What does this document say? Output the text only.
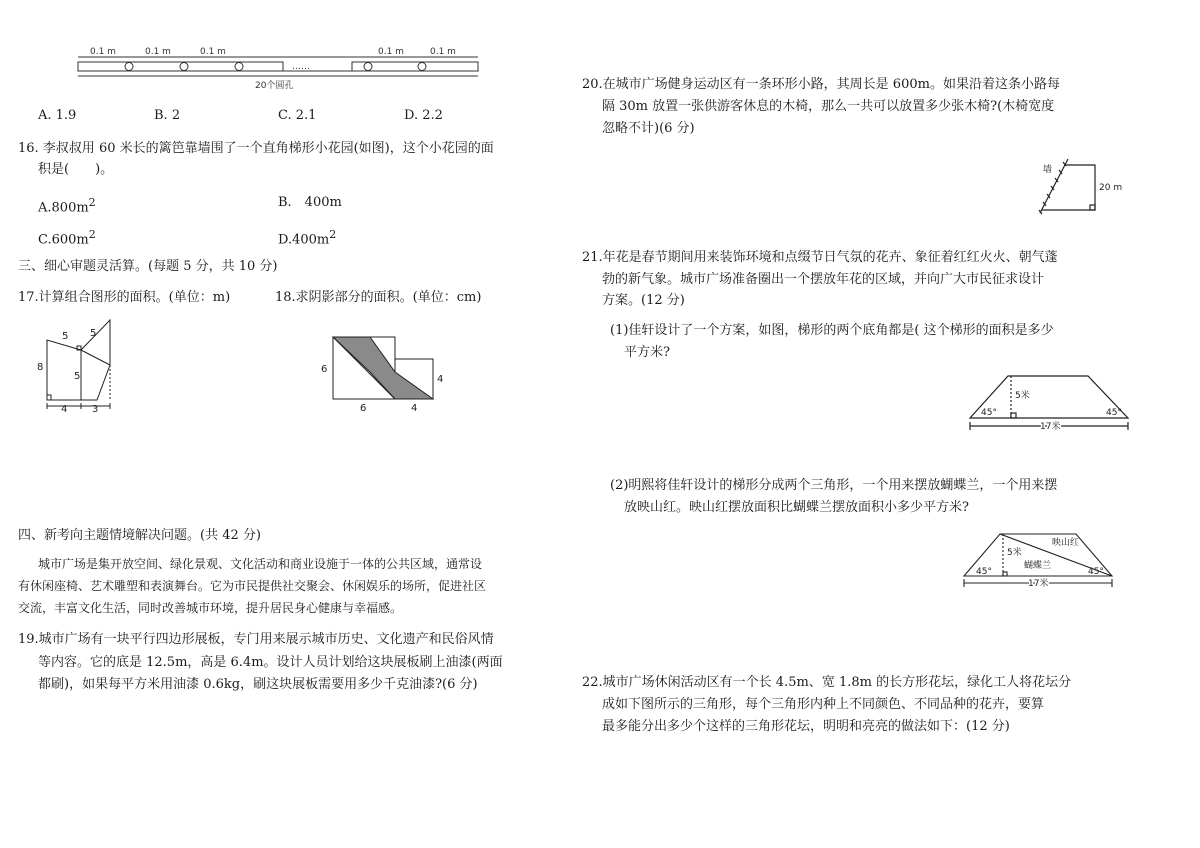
0.1 m	0.1 m	0.1 m	0.1 m	0.1 m
……
20个圆孔
A. 1.9	B. 2	C. 2.1	D. 2.2
16. 李叔叔用 60 米长的篱笆靠墙围了一个直角梯形小花园(如图)，这个小花园的面
积是(　　)。
$A.800m^2$	B.　400m
$C.600m^2$	$D.400m^2$
三、细心审题灵活算。(每题 5 分，共 10 分)
17.计算组合图形的面积。(单位：m)	18.求阴影部分的面积。(单位：cm)
5 5
8
5
4 3
6
6
4
4
四、新考向主题情境解决问题。(共 42 分)
城市广场是集开放空间、绿化景观、文化活动和商业设施于一体的公共区域，通常设
有休闲座椅、艺术雕塑和表演舞台。它为市民提供社交聚会、休闲娱乐的场所，促进社区
交流，丰富文化生活，同时改善城市环境，提升居民身心健康与幸福感。
19.城市广场有一块平行四边形展板，专门用来展示城市历史、文化遗产和民俗风情
等内容。它的底是 12.5m，高是 6.4m。设计人员计划给这块展板刷上油漆(两面
都刷)，如果每平方米用油漆 0.6kg，刷这块展板需要用多少千克油漆?(6 分)
20.在城市广场健身运动区有一条环形小路，其周长是 600m。如果沿着这条小路每
隔 30m 放置一张供游客休息的木椅，那么一共可以放置多少张木椅?(木椅宽度
忽略不计)(6 分)
墙
20 m
21.年花是春节期间用来装饰环境和点缀节日气氛的花卉、象征着红红火火、朝气蓬
勃的新气象。城市广场准备圈出一个摆放年花的区域，并向广大市民征求设计
方案。(12 分)
(1)佳轩设计了一个方案，如图，梯形的两个底角都是( 这个梯形的面积是多少
平方米?
5米
45°	45°
17米
(2)明熙将佳轩设计的梯形分成两个三角形，一个用来摆放蝴蝶兰，一个用来摆
放映山红。映山红摆放面积比蝴蝶兰摆放面积小多少平方米?
映山红
5米
蝴蝶兰
45°	45°
17米
22.城市广场休闲活动区有一个长 4.5m、宽 1.8m 的长方形花坛，绿化工人将花坛分
成如下图所示的三角形，每个三角形内种上不同颜色、不同品种的花卉，要算
最多能分出多少个这样的三角形花坛，明明和亮亮的做法如下：(12 分)
